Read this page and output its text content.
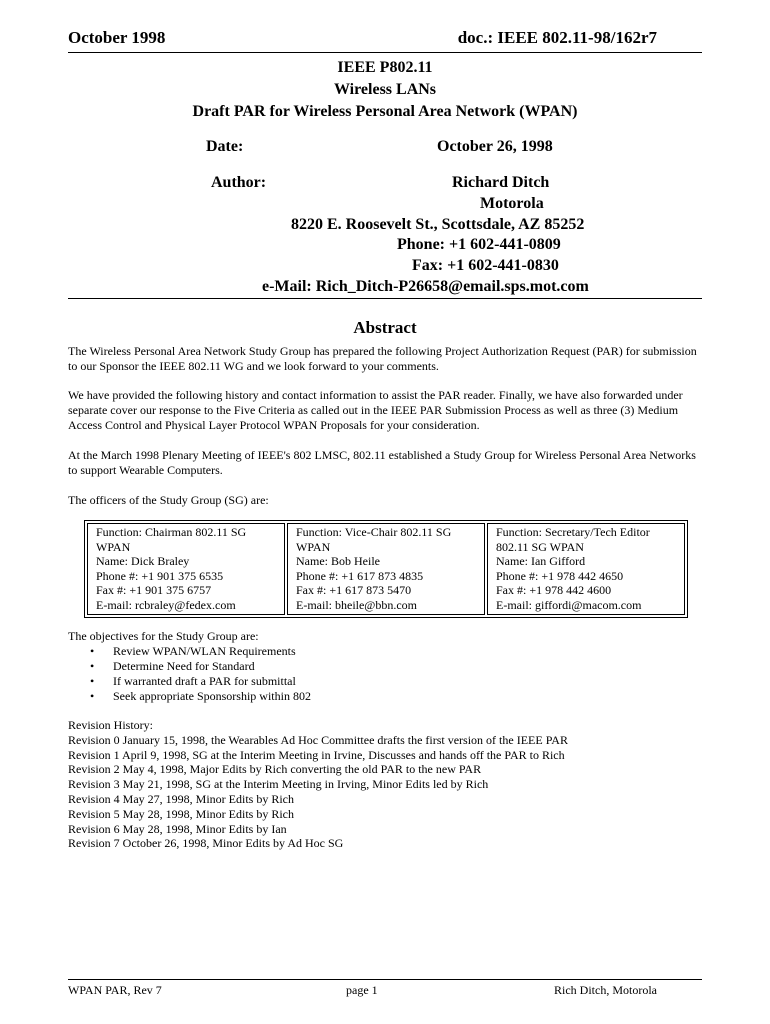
October 1998	doc.: IEEE 802.11-98/162r7
IEEE P802.11
Wireless LANs
Draft PAR for Wireless Personal Area Network (WPAN)
Date:	October 26, 1998
Author:	Richard Ditch
Motorola
8220 E. Roosevelt St., Scottsdale, AZ 85252
Phone: +1 602-441-0809
Fax: +1 602-441-0830
e-Mail: Rich_Ditch-P26658@email.sps.mot.com
Abstract

The Wireless Personal Area Network Study Group has prepared the following Project Authorization Request (PAR) for submission to our Sponsor the IEEE 802.11 WG and we look forward to your comments.

We have provided the following history and contact information to assist the PAR reader. Finally, we have also forwarded under separate cover our response to the Five Criteria as called out in the IEEE PAR Submission Process as well as three (3) Medium Access Control and Physical Layer Protocol WPAN Proposals for your consideration.

At the March 1998 Plenary Meeting of IEEE's 802 LMSC, 802.11 established a Study Group for Wireless Personal Area Networks to support Wearable Computers.

The officers of the Study Group (SG) are:

Function: Chairman 802.11 SG WPAN
Name: Dick Braley
Phone #: +1 901 375 6535
Fax #: +1 901 375 6757
E-mail: rcbraley@fedex.com

Function: Vice-Chair 802.11 SG WPAN
Name: Bob Heile
Phone #: +1 617 873 4835
Fax #: +1 617 873 5470
E-mail: bheile@bbn.com

Function: Secretary/Tech Editor 802.11 SG WPAN
Name: Ian Gifford
Phone #: +1 978 442 4650
Fax #: +1 978 442 4600
E-mail: giffordi@macom.com

The objectives for the Study Group are:

• Review WPAN/WLAN Requirements
• Determine Need for Standard
• If warranted draft a PAR for submittal
• Seek appropriate Sponsorship within 802
Revision History:
Revision 0 January 15, 1998, the Wearables Ad Hoc Committee drafts the first version of the IEEE PAR
Revision 1 April 9, 1998, SG at the Interim Meeting in Irvine, Discusses and hands off the PAR to Rich
Revision 2 May 4, 1998, Major Edits by Rich converting the old PAR to the new PAR
Revision 3 May 21, 1998, SG at the Interim Meeting in Irving, Minor Edits led by Rich
Revision 4 May 27, 1998, Minor Edits by Rich
Revision 5 May 28, 1998, Minor Edits by Rich
Revision 6 May 28, 1998, Minor Edits by Ian
Revision 7 October 26, 1998, Minor Edits by Ad Hoc SG
WPAN PAR, Rev 7	page 1	Rich Ditch, Motorola
